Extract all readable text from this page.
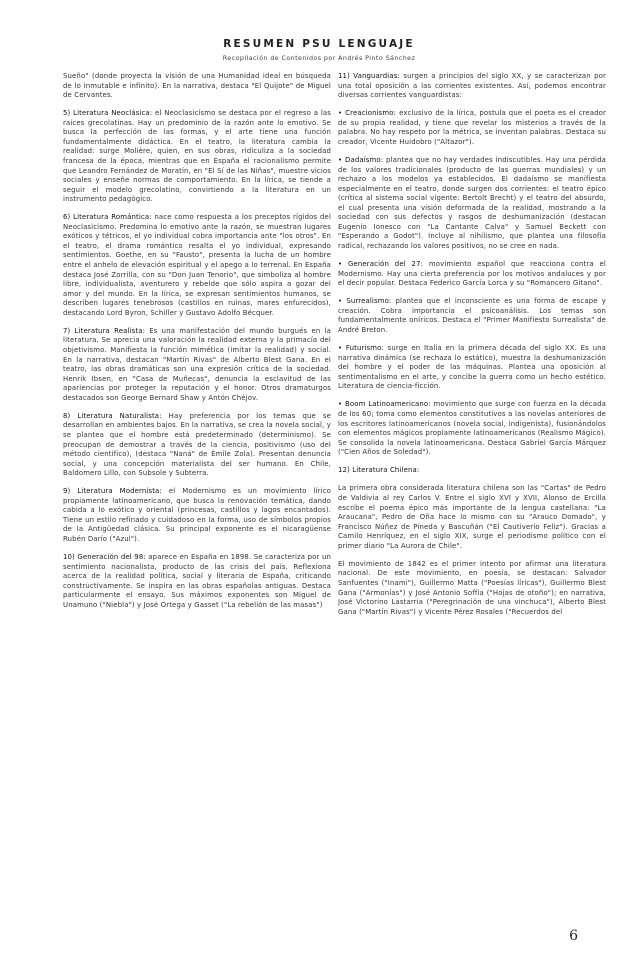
RESUMEN PSU LENGUAJE
Recopilación de Contenidos por Andrés Pinto Sánchez

Sueño" (donde proyecta la visión de una Humanidad ideal en búsqueda de lo inmutable e infinito). En la narrativa, destaca "El Quijote" de Miguel de Cervantes.

5) Literatura Neoclásica: el Neoclasicismo se destaca por el regreso a las raíces grecolatinas. Hay un predominio de la razón ante lo emotivo. Se busca la perfección de las formas, y el arte tiene una función fundamentalmente didáctica. En el teatro, la literatura cambia la realidad: surge Molière, quien, en sus obras, ridiculiza a la sociedad francesa de la época, mientras que en España el racionalismo permite que Leandro Fernández de Moratín, en "El Sí de las Niñas", muestre vicios sociales y enseñe normas de comportamiento. En la lírica, se tiende a seguir el modelo grecolatino, convirtiendo a la literatura en un instrumento pedagógico.

6) Literatura Romántica: nace como respuesta a los preceptos rígidos del Neoclasicismo. Predomina lo emotivo ante la razón, se muestran lugares exóticos y tétricos, el yo individual cobra importancia ante "los otros". En el teatro, el drama romántico resalta el yo individual, expresando sentimientos. Goethe, en su "Fausto", presenta la lucha de un hombre entre el anhelo de elevación espiritual y el apego a lo terrenal. En España destaca José Zorrilla, con su "Don Juan Tenorio", que simboliza al hombre libre, individualista, aventurero y rebelde que sólo aspira a gozar del amor y del mundo. En la lírica, se expresan sentimientos humanos, se describen lugares tenebrosos (castillos en ruinas, mares enfurecidos), destacando Lord Byron, Schiller y Gustavo Adolfo Bécquer.

7) Literatura Realista: Es una manifestación del mundo burgués en la literatura. Se aprecia una valoración la realidad externa y la primacía del objetivismo. Manifiesta la función mimética (imitar la realidad) y social. En la narrativa, destacan "Martín Rivas" de Alberto Blest Gana. En el teatro, las obras dramáticas son una expresión crítica de la sociedad. Henrik Ibsen, en "Casa de Muñecas", denuncia la esclavitud de las apariencias por proteger la reputación y el honor. Otros dramaturgos destacados son George Bernard Shaw y Antón Chéjov.

8) Literatura Naturalista: Hay preferencia por los temas que se desarrollan en ambientes bajos. En la narrativa, se crea la novela social, y se plantea que el hombre está predeterminado (determinismo). Se preocupan de demostrar a través de la ciencia, positivismo (uso del método científico), (destaca "Naná" de Émile Zola). Presentan denuncia social, y una concepción materialista del ser humano. En Chile, Baldomero Lillo, con Subsole y Subterra.

9) Literatura Modernista: el Modernismo es un movimiento lírico propiamente latinoamericano, que busca la renovación temática, dando cabida a lo exótico y oriental (princesas, castillos y lagos encantados). Tiene un estilo refinado y cuidadoso en la forma, uso de símbolos propios de la Antigüedad clásica. Su principal exponente es el nicaragüense Rubén Darío ("Azul").

10) Generación del 98: aparece en España en 1898. Se caracteriza por un sentimiento nacionalista, producto de las crisis del país. Reflexiona acerca de la realidad política, social y literaria de España, criticando constructivamente. Se inspira en las obras españolas antiguas. Destaca particularmente el ensayo. Sus máximos exponentes son Miguel de Unamuno ("Niebla") y José Ortega y Gasset ("La rebelión de las masas")

11) Vanguardias: surgen a principios del siglo XX, y se caracterizan por una total oposición a las corrientes existentes. Así, podemos encontrar diversas corrientes vanguardistas:

• Creacionismo: exclusivo de la lírica, postula que el poeta es el creador de su propia realidad, y tiene que revelar los misterios a través de la palabra. No hay respeto por la métrica, se inventan palabras. Destaca su creador, Vicente Huidobro ("Altazor").

• Dadaísmo: plantea que no hay verdades indiscutibles. Hay una pérdida de los valores tradicionales (producto de las guerras mundiales) y un rechazo a los modelos ya establecidos. El dadaísmo se manifiesta especialmente en el teatro, donde surgen dos corrientes: el teatro épico (crítica al sistema social vigente: Bertolt Brecht) y el teatro del absurdo, el cual presenta una visión deformada de la realidad, mostrando a la sociedad con sus defectos y rasgos de deshumanización (destacan Eugenio Ionesco con "La Cantante Calva" y Samuel Beckett con "Esperando a Godot"). Incluye al nihilismo, que plantea una filosofía radical, rechazando los valores positivos, no se cree en nada.

• Generación del 27: movimiento español que reacciona contra el Modernismo. Hay una cierta preferencia por los motivos andaluces y por el decir popular. Destaca Federico García Lorca y su "Romancero Gitano".

• Surrealismo: plantea que el inconsciente es una forma de escape y creación. Cobra importancia el psicoanálisis. Los temas son fundamentalmente oníricos. Destaca el "Primer Manifiesto Surrealista" de André Breton.

• Futurismo: surge en Italia en la primera década del siglo XX. Es una narrativa dinámica (se rechaza lo estático), muestra la deshumanización del hombre y el poder de las máquinas. Plantea una oposición al sentimentalismo en el arte, y concibe la guerra como un hecho estético. Literatura de ciencia-ficción.

• Boom Latinoamericano: movimiento que surge con fuerza en la década de los 60; toma como elementos constitutivos a las novelas anteriores de los escritores latinoamericanos (novela social, indigenista), fusionándolos con elementos mágicos propiamente latinoamericanos (Realismo Mágico). Se consolida la novela latinoamericana. Destaca Gabriel García Márquez ("Cien Años de Soledad").

12) Literatura Chilena:

La primera obra considerada literatura chilena son las "Cartas" de Pedro de Valdivia al rey Carlos V. Entre el siglo XVI y XVII, Alonso de Ercilla escribe el poema épico más importante de la lengua castellana: "La Araucana", Pedro de Oña hace lo mismo con su "Arauco Domado", y Francisco Núñez de Pineda y Bascuñán ("El Cautiverio Feliz"). Gracias a Camilo Henríquez, en el siglo XIX, surge el periodismo político con el primer diario "La Aurora de Chile".

El movimiento de 1842 es el primer intento por afirmar una literatura nacional. De este movimiento, en poesía, se destacan: Salvador Sanfuentes ("Inami"), Guillermo Matta ("Poesías líricas"), Guillermo Blest Gana ("Armonías") y José Antonio Soffia ("Hojas de otoño"); en narrativa, José Victorino Lastarria ("Peregrinación de una vinchuca"), Alberto Blest Gana ("Martín Rivas") y Vicente Pérez Rosales ("Recuerdos del

6
